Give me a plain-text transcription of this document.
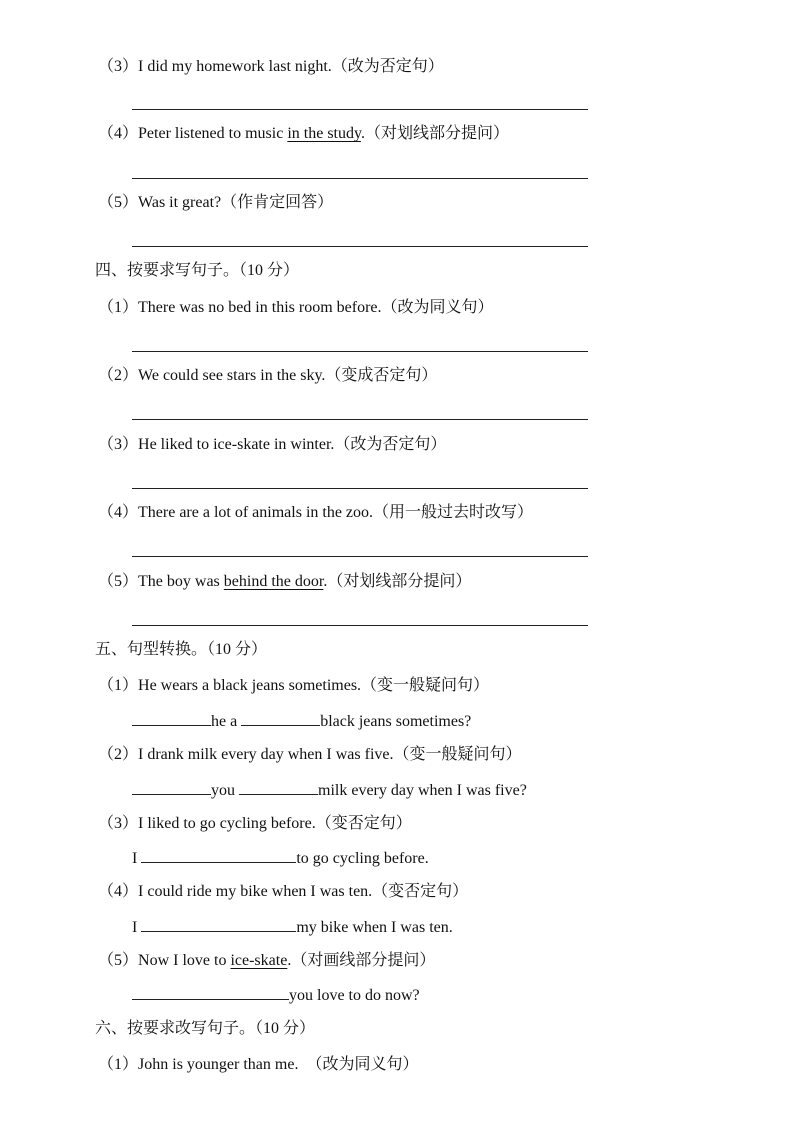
（3）I did my homework last night.（改为否定句）
（4）Peter listened to music in the study.（对划线部分提问）
（5）Was it great?（作肯定回答）
四、按要求写句子。（10 分）
（1）There was no bed in this room before.（改为同义句）
（2）We could see stars in the sky.（变成否定句）
（3）He liked to ice-skate in winter.（改为否定句）
（4）There are a lot of animals in the zoo.（用一般过去时改写）
（5）The boy was behind the door.（对划线部分提问）
五、句型转换。（10 分）
（1）He wears a black jeans sometimes.（变一般疑问句）
he a	black jeans sometimes?
（2）I drank milk every day when I was five.（变一般疑问句）
you	milk every day when I was five?
（3）I liked to go cycling before.（变否定句）
I	to go cycling before.
（4）I could ride my bike when I was ten.（变否定句）
I	my bike when I was ten.
（5）Now I love to ice-skate.（对画线部分提问）
you love to do now?
六、按要求改写句子。（10 分）
（1）John is younger than me.  （改为同义句）
